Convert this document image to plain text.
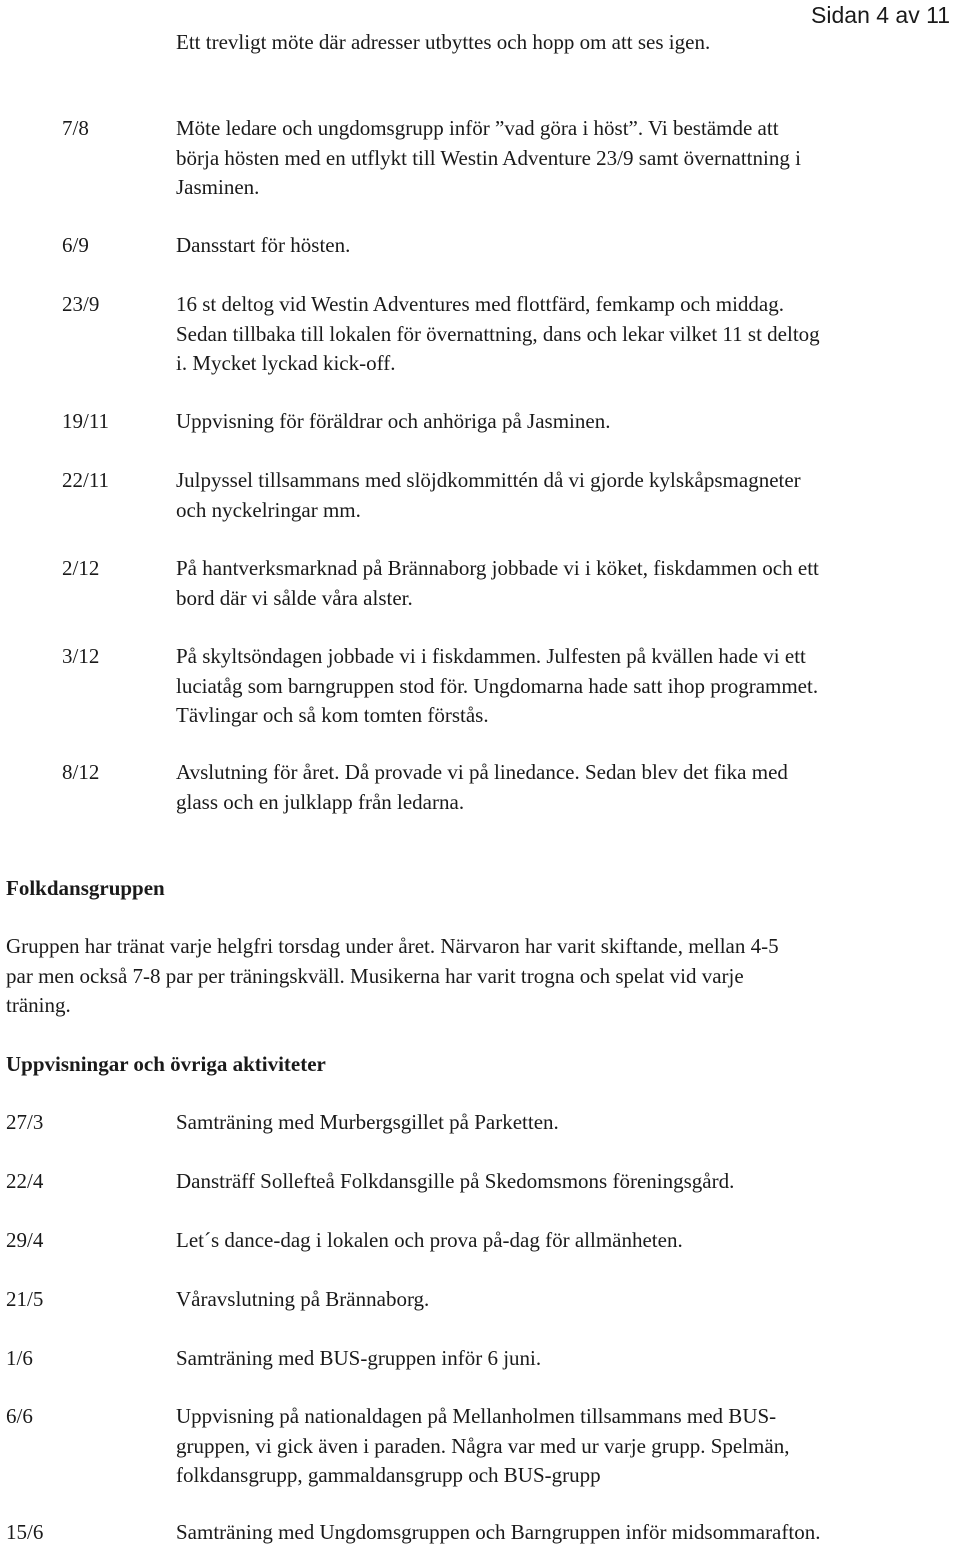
Sidan 4 av 11
Ett trevligt möte där adresser utbyttes och hopp om att ses igen.
7/8	Möte ledare och ungdomsgrupp inför ”vad göra i höst”. Vi bestämde att
börja hösten med en utflykt till Westin Adventure 23/9 samt övernattning i
Jasminen.
6/9	Dansstart för hösten.
23/9	16 st deltog vid Westin Adventures med flottfärd, femkamp och middag.
Sedan tillbaka till lokalen för övernattning, dans och lekar vilket 11 st deltog
i. Mycket lyckad kick-off.
19/11	Uppvisning för föräldrar och anhöriga på Jasminen.
22/11	Julpyssel tillsammans med slöjdkommittén då vi gjorde kylskåpsmagneter
och nyckelringar mm.
2/12	På hantverksmarknad på Brännaborg jobbade vi i köket, fiskdammen och ett
bord där vi sålde våra alster.
3/12	På skyltsöndagen jobbade vi i fiskdammen. Julfesten på kvällen hade vi ett
luciatåg som barngruppen stod för. Ungdomarna hade satt ihop programmet.
Tävlingar och så kom tomten förstås.
8/12	Avslutning för året. Då provade vi på linedance. Sedan blev det fika med
glass och en julklapp från ledarna.
Folkdansgruppen
Gruppen har tränat varje helgfri torsdag under året. Närvaron har varit skiftande, mellan 4-5
par men också 7-8 par per träningskväll. Musikerna har varit trogna och spelat vid varje
träning.
Uppvisningar och övriga aktiviteter
27/3	Samträning med Murbergsgillet på Parketten.
22/4	Dansträff Sollefteå Folkdansgille på Skedomsmons föreningsgård.
29/4	Let´s dance-dag i lokalen och prova på-dag för allmänheten.
21/5	Våravslutning på Brännaborg.
1/6	Samträning med BUS-gruppen inför 6 juni.
6/6	Uppvisning på nationaldagen på Mellanholmen tillsammans med BUS-
gruppen, vi gick även i paraden. Några var med ur varje grupp. Spelmän,
folkdansgrupp, gammaldansgrupp och BUS-grupp
15/6	Samträning med Ungdomsgruppen och Barngruppen inför midsommarafton.
